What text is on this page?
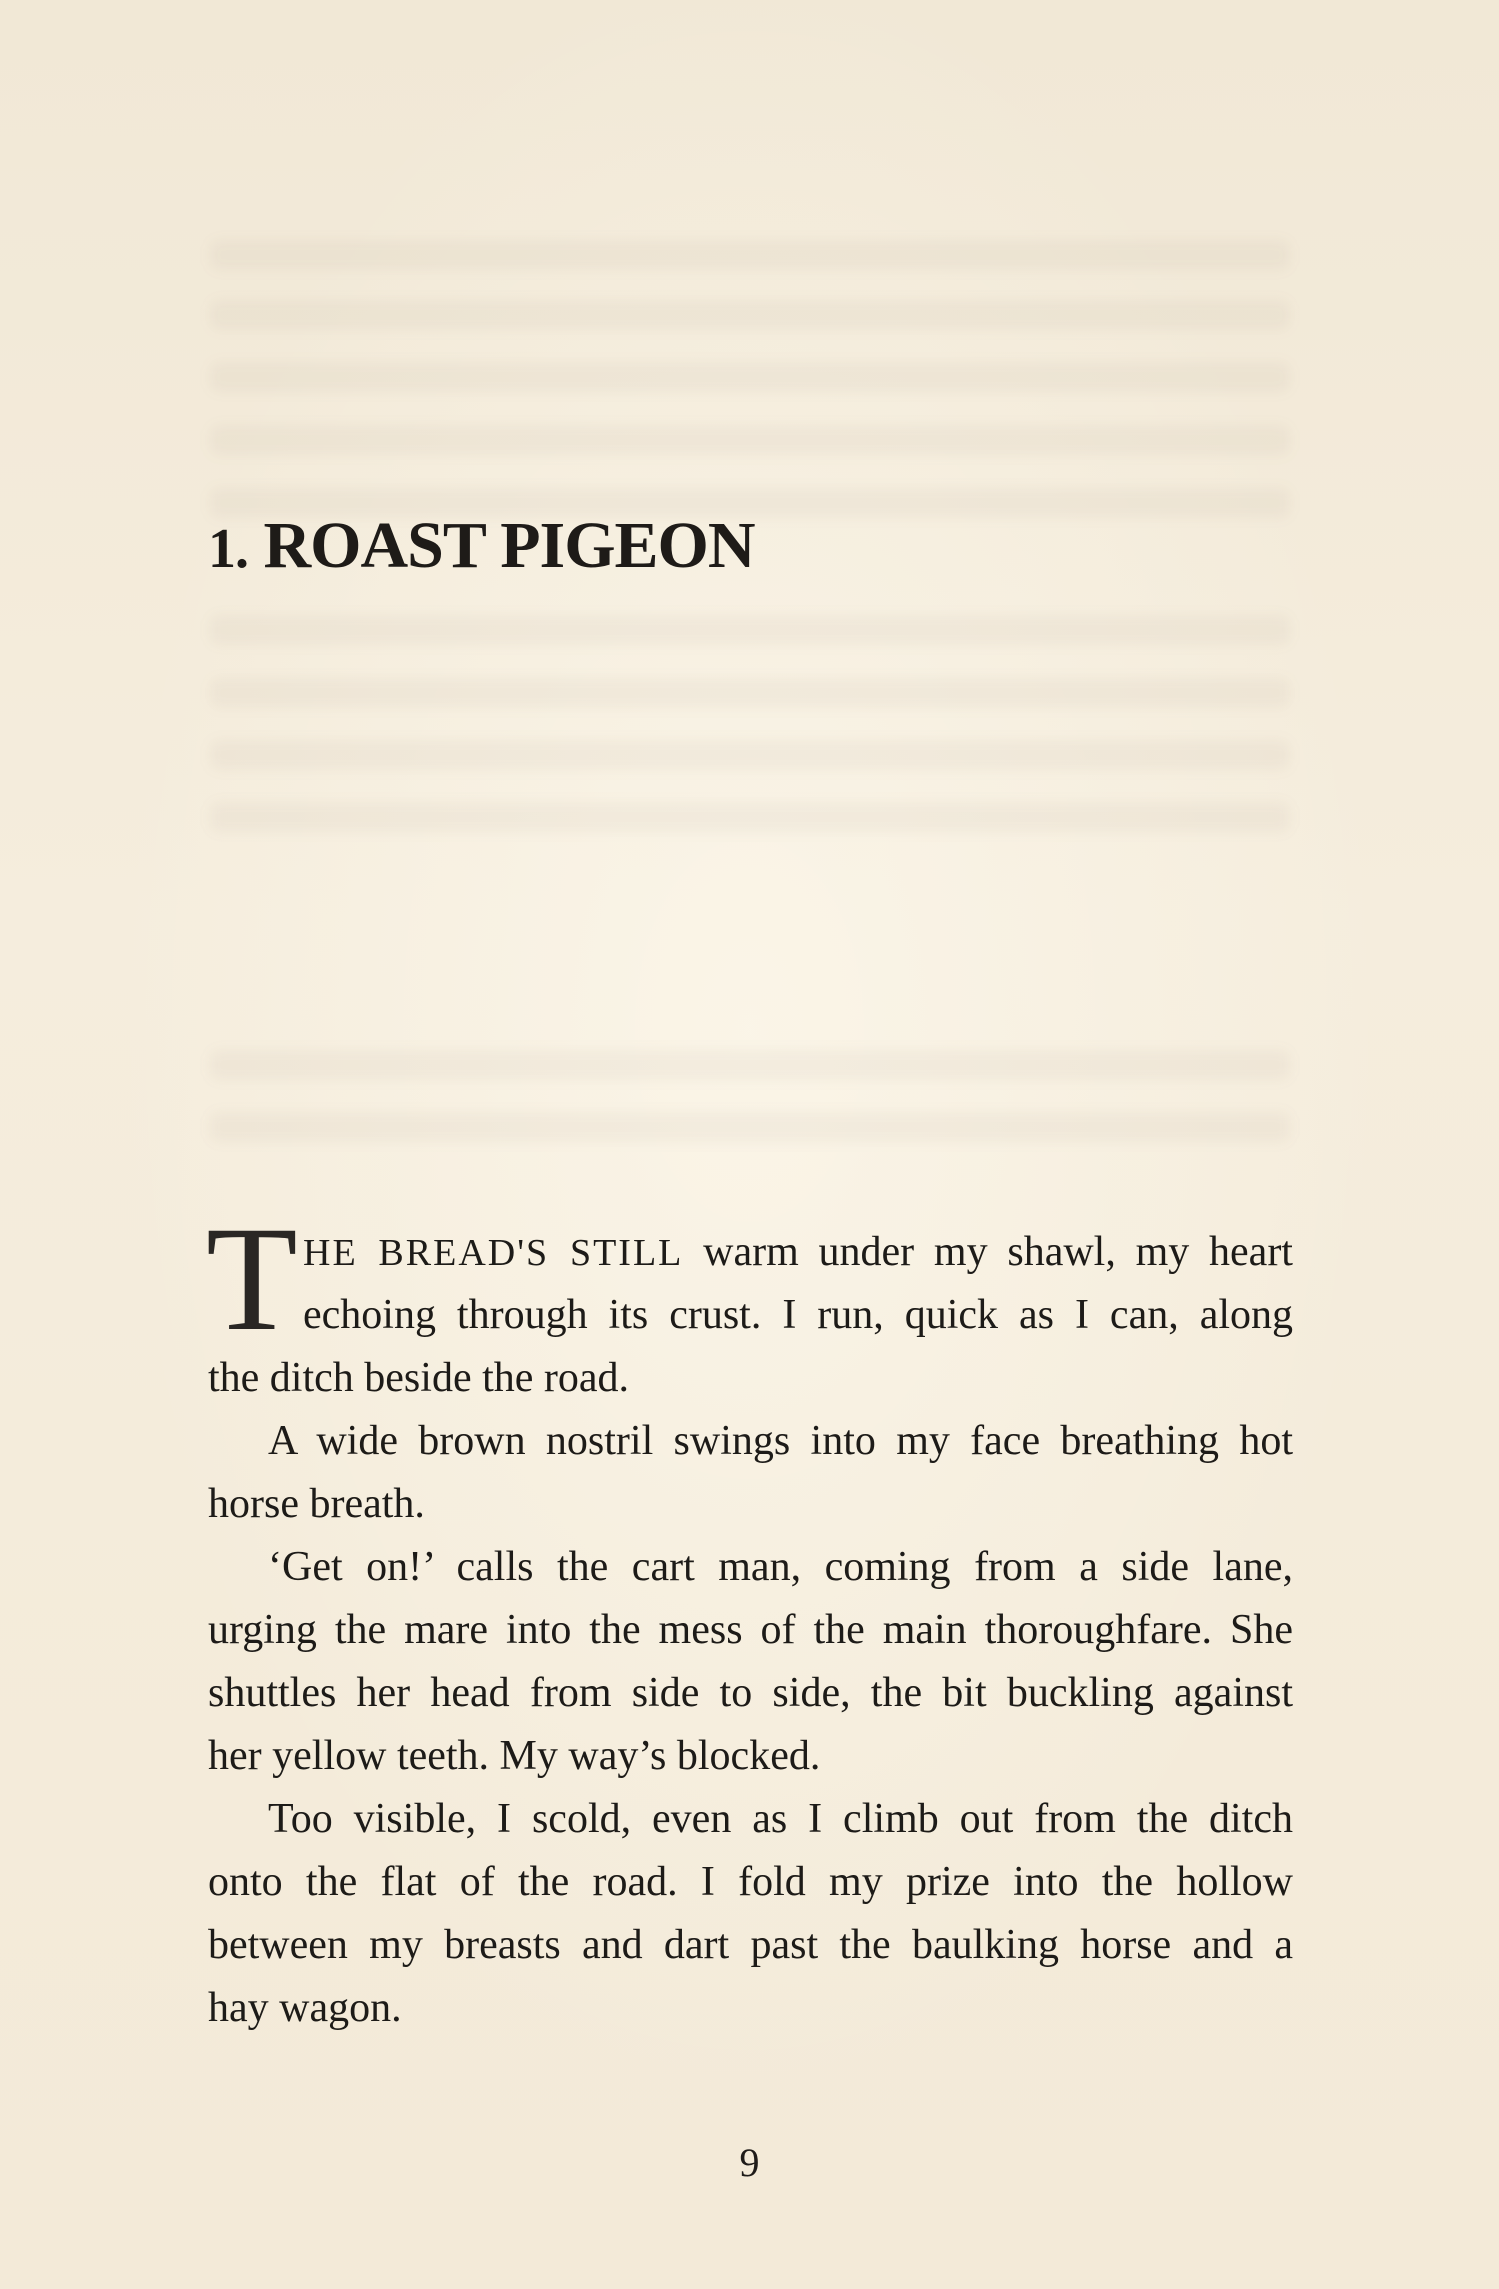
1. ROAST PIGEON
T HE BREAD'S STILL warm under my shawl, my heart
echoing through its crust. I run, quick as I can, along
the ditch beside the road.
A wide brown nostril swings into my face breathing hot
horse breath.
‘Get on!’ calls the cart man, coming from a side lane,
urging the mare into the mess of the main thoroughfare. She
shuttles her head from side to side, the bit buckling against
her yellow teeth. My way’s blocked.
Too visible, I scold, even as I climb out from the ditch
onto the flat of the road. I fold my prize into the hollow
between my breasts and dart past the baulking horse and a
hay wagon.
9
